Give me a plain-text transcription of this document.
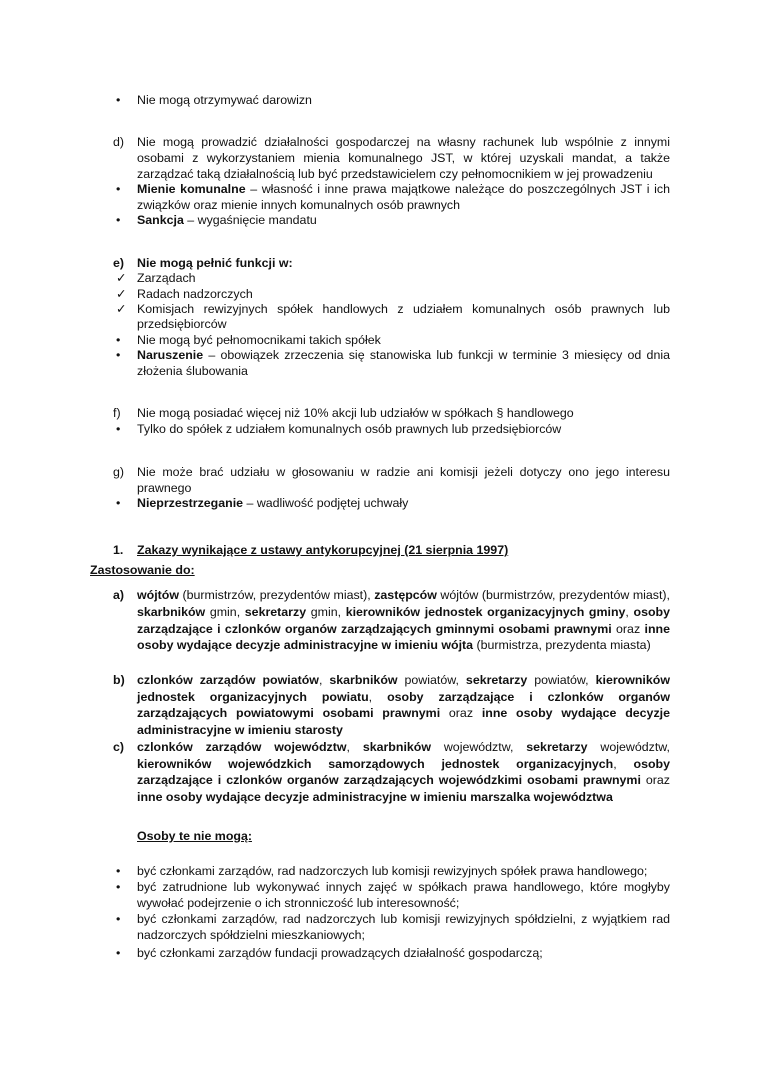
• Nie mogą otrzymywać darowizn
d) Nie mogą prowadzić działalności gospodarczej na własny rachunek lub wspólnie z innymi osobami z wykorzystaniem mienia komunalnego JST, w której uzyskali mandat, a także zarządzać taką działalnością lub być przedstawicielem czy pełnomocnikiem w jej prowadzeniu
• Mienie komunalne – własność i inne prawa majątkowe należące do poszczególnych JST i ich związków oraz mienie innych komunalnych osób prawnych
• Sankcja – wygaśnięcie mandatu
e) Nie mogą pełnić funkcji w:
✓ Zarządach
✓ Radach nadzorczych
✓ Komisjach rewizyjnych spółek handlowych z udziałem komunalnych osób prawnych lub przedsiębiorców
• Nie mogą być pełnomocnikami takich spółek
• Naruszenie – obowiązek zrzeczenia się stanowiska lub funkcji w terminie 3 miesięcy od dnia złożenia ślubowania
f) Nie mogą posiadać więcej niż 10% akcji lub udziałów w spółkach § handlowego
• Tylko do spółek z udziałem komunalnych osób prawnych lub przedsiębiorców
g) Nie może brać udziału w głosowaniu w radzie ani komisji jeżeli dotyczy ono jego interesu prawnego
• Nieprzestrzeganie – wadliwość podjętej uchwały
1. Zakazy wynikające z ustawy antykorupcyjnej (21 sierpnia 1997)
Zastosowanie do:
a) wójtów (burmistrzów, prezydentów miast), zastępców wójtów (burmistrzów, prezydentów miast), skarbników gmin, sekretarzy gmin, kierowników jednostek organizacyjnych gminy, osoby zarządzające i czlonków organów zarządzających gminnymi osobami prawnymi oraz inne osoby wydające decyzje administracyjne w imieniu wójta (burmistrza, prezydenta miasta)
b) czlonków zarządów powiatów, skarbników powiatów, sekretarzy powiatów, kierowników jednostek organizacyjnych powiatu, osoby zarządzające i czlonków organów zarządzających powiatowymi osobami prawnymi oraz inne osoby wydające decyzje administracyjne w imieniu starosty
c) czlonków zarządów województw, skarbników województw, sekretarzy województw, kierowników wojewódzkich samorządowych jednostek organizacyjnych, osoby zarządzające i czlonków organów zarządzających wojewódzkimi osobami prawnymi oraz inne osoby wydające decyzje administracyjne w imieniu marszalka województwa
Osoby te nie mogą:
• być członkami zarządów, rad nadzorczych lub komisji rewizyjnych spółek prawa handlowego;
• być zatrudnione lub wykonywać innych zajęć w spółkach prawa handlowego, które mogłyby wywołać podejrzenie o ich stronniczość lub interesowność;
• być członkami zarządów, rad nadzorczych lub komisji rewizyjnych spółdzielni, z wyjątkiem rad nadzorczych spółdzielni mieszkaniowych;
• być członkami zarządów fundacji prowadzących działalność gospodarczą;
